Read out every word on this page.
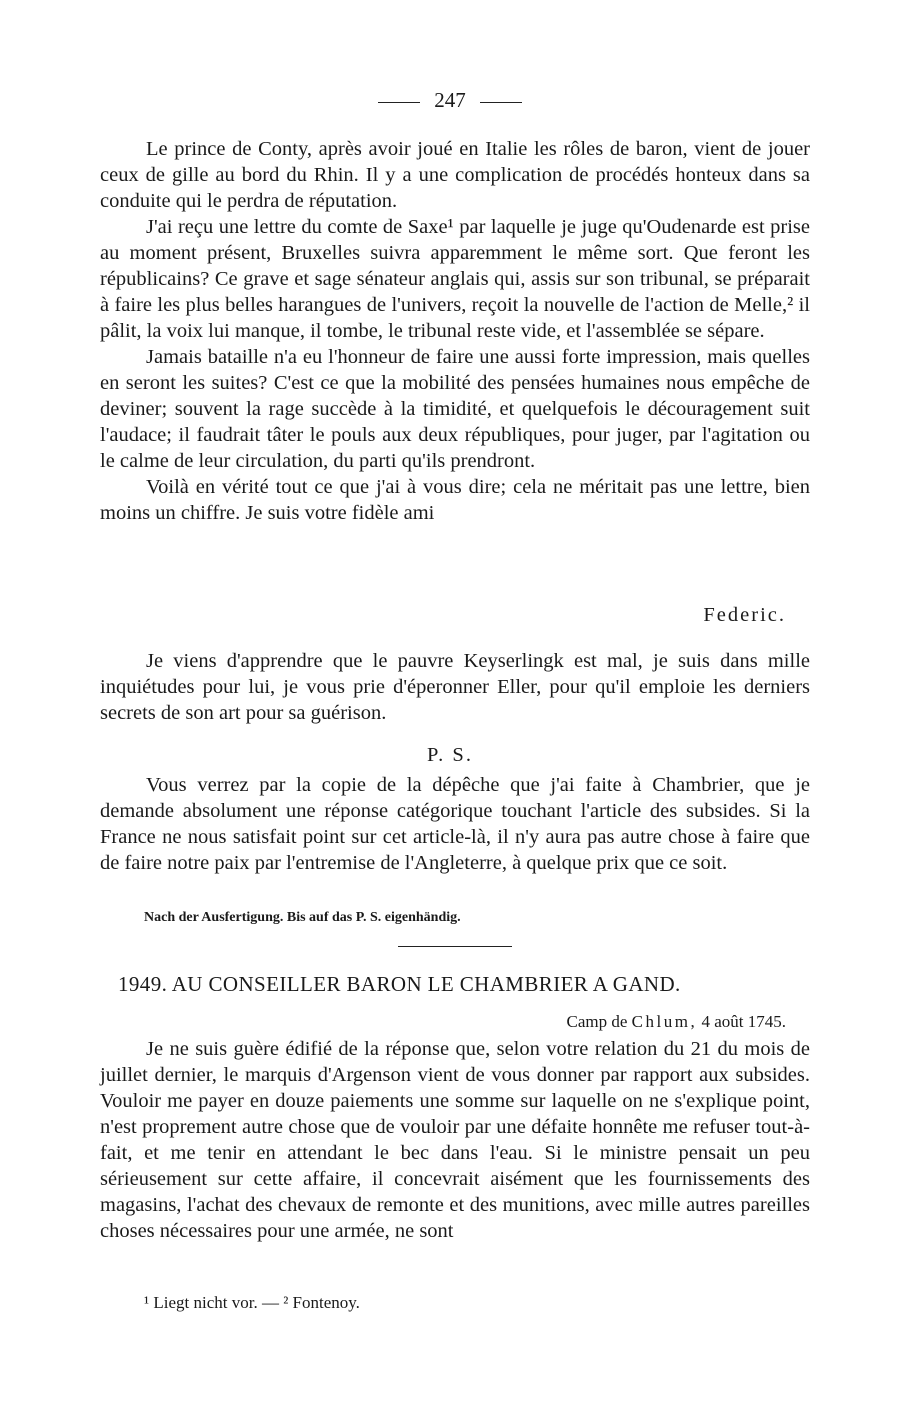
247

Le prince de Conty, après avoir joué en Italie les rôles de baron, vient de jouer ceux de gille au bord du Rhin. Il y a une complication de procédés honteux dans sa conduite qui le perdra de réputation.

J'ai reçu une lettre du comte de Saxe¹ par laquelle je juge qu'Oudenarde est prise au moment présent, Bruxelles suivra apparemment le même sort. Que feront les républicains? Ce grave et sage sénateur anglais qui, assis sur son tribunal, se préparait à faire les plus belles harangues de l'univers, reçoit la nouvelle de l'action de Melle,² il pâlit, la voix lui manque, il tombe, le tribunal reste vide, et l'assemblée se sépare.

Jamais bataille n'a eu l'honneur de faire une aussi forte impression, mais quelles en seront les suites? C'est ce que la mobilité des pensées humaines nous empêche de deviner; souvent la rage succède à la timidité, et quelquefois le découragement suit l'audace; il faudrait tâter le pouls aux deux républiques, pour juger, par l'agitation ou le calme de leur circulation, du parti qu'ils prendront.

Voilà en vérité tout ce que j'ai à vous dire; cela ne méritait pas une lettre, bien moins un chiffre. Je suis votre fidèle ami

Federic.

Je viens d'apprendre que le pauvre Keyserlingk est mal, je suis dans mille inquiétudes pour lui, je vous prie d'éperonner Eller, pour qu'il emploie les derniers secrets de son art pour sa guérison.

P. S.

Vous verrez par la copie de la dépêche que j'ai faite à Chambrier, que je demande absolument une réponse catégorique touchant l'article des subsides. Si la France ne nous satisfait point sur cet article-là, il n'y aura pas autre chose à faire que de faire notre paix par l'entremise de l'Angleterre, à quelque prix que ce soit.

Nach der Ausfertigung. Bis auf das P. S. eigenhändig.
1949. AU CONSEILLER BARON LE CHAMBRIER A GAND.
Camp de Chlum, 4 août 1745.

Je ne suis guère édifié de la réponse que, selon votre relation du 21 du mois de juillet dernier, le marquis d'Argenson vient de vous donner par rapport aux subsides. Vouloir me payer en douze paiements une somme sur laquelle on ne s'explique point, n'est proprement autre chose que de vouloir par une défaite honnête me refuser tout-à-fait, et me tenir en attendant le bec dans l'eau. Si le ministre pensait un peu sérieusement sur cette affaire, il concevrait aisément que les fournissements des magasins, l'achat des chevaux de remonte et des munitions, avec mille autres pareilles choses nécessaires pour une armée, ne sont

¹ Liegt nicht vor. — ² Fontenoy.
